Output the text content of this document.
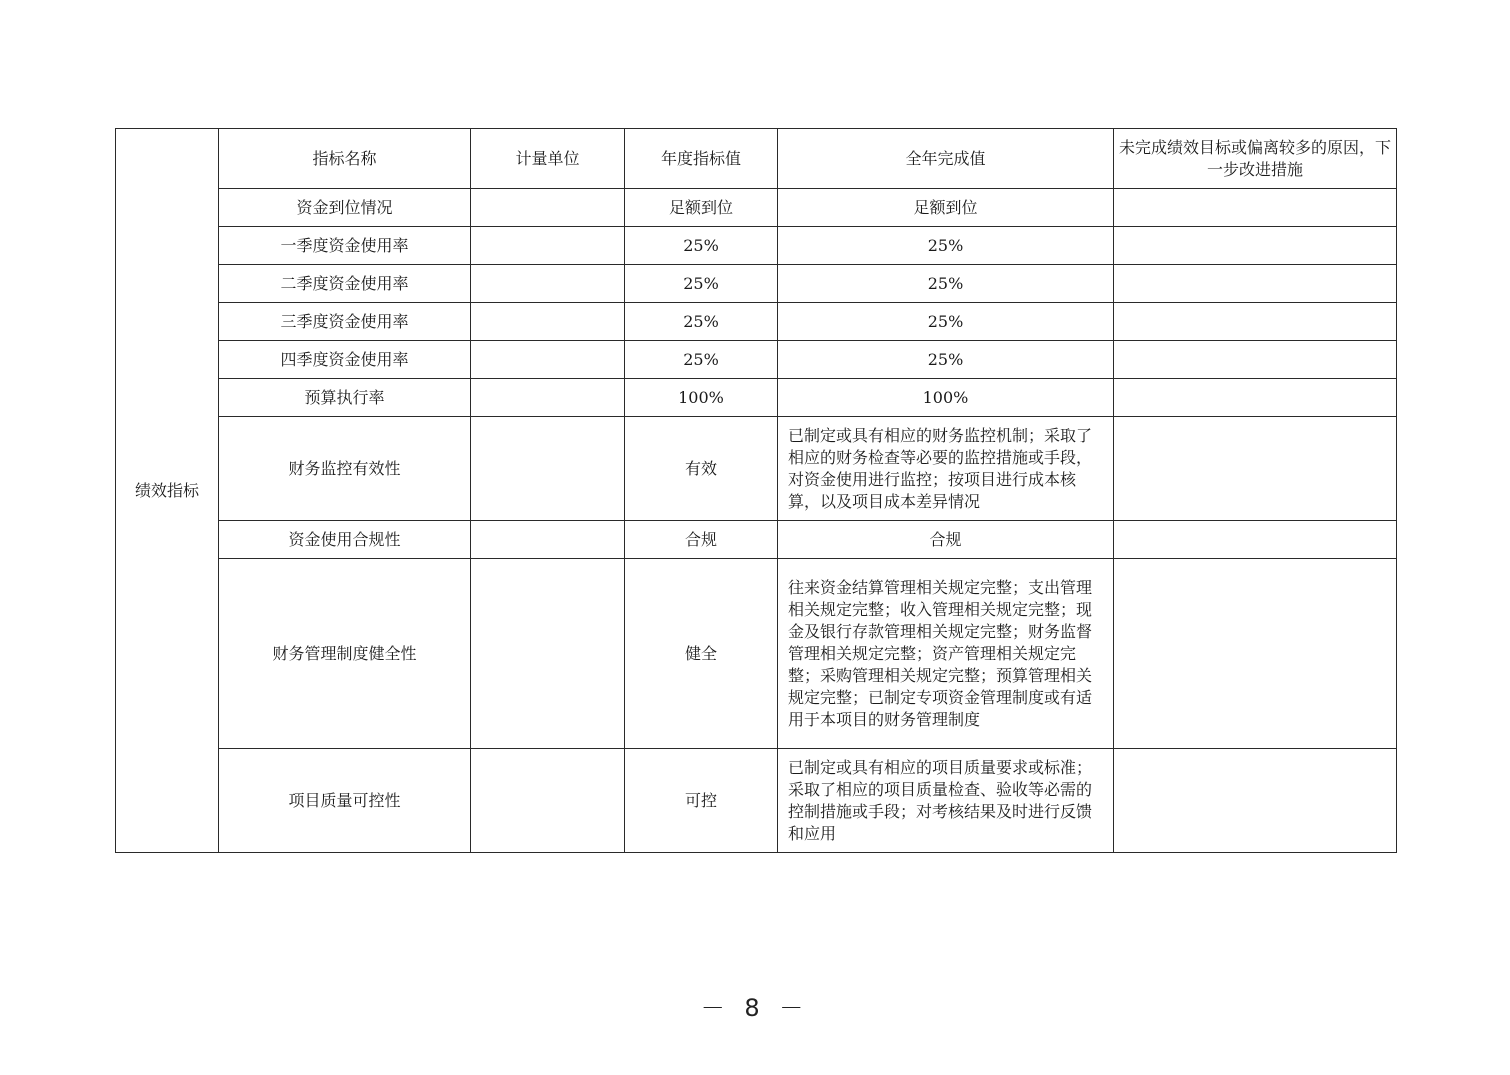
绩效指标	指标名称	计量单位	年度指标值	全年完成值	未完成绩效目标或偏离较多的原因，下一步改进措施
	资金到位情况		足额到位	足额到位	
	一季度资金使用率		25%	25%	
	二季度资金使用率		25%	25%	
	三季度资金使用率		25%	25%	
	四季度资金使用率		25%	25%	
	预算执行率		100%	100%	
	财务监控有效性		有效	已制定或具有相应的财务监控机制；采取了相应的财务检查等必要的监控措施或手段，对资金使用进行监控；按项目进行成本核算，以及项目成本差异情况	
	资金使用合规性		合规	合规	
	财务管理制度健全性		健全	往来资金结算管理相关规定完整；支出管理相关规定完整；收入管理相关规定完整；现金及银行存款管理相关规定完整；财务监督管理相关规定完整；资产管理相关规定完整；采购管理相关规定完整；预算管理相关规定完整；已制定专项资金管理制度或有适用于本项目的财务管理制度	
	项目质量可控性		可控	已制定或具有相应的项目质量要求或标准；采取了相应的项目质量检查、验收等必需的控制措施或手段；对考核结果及时进行反馈和应用	
－ 8 －
